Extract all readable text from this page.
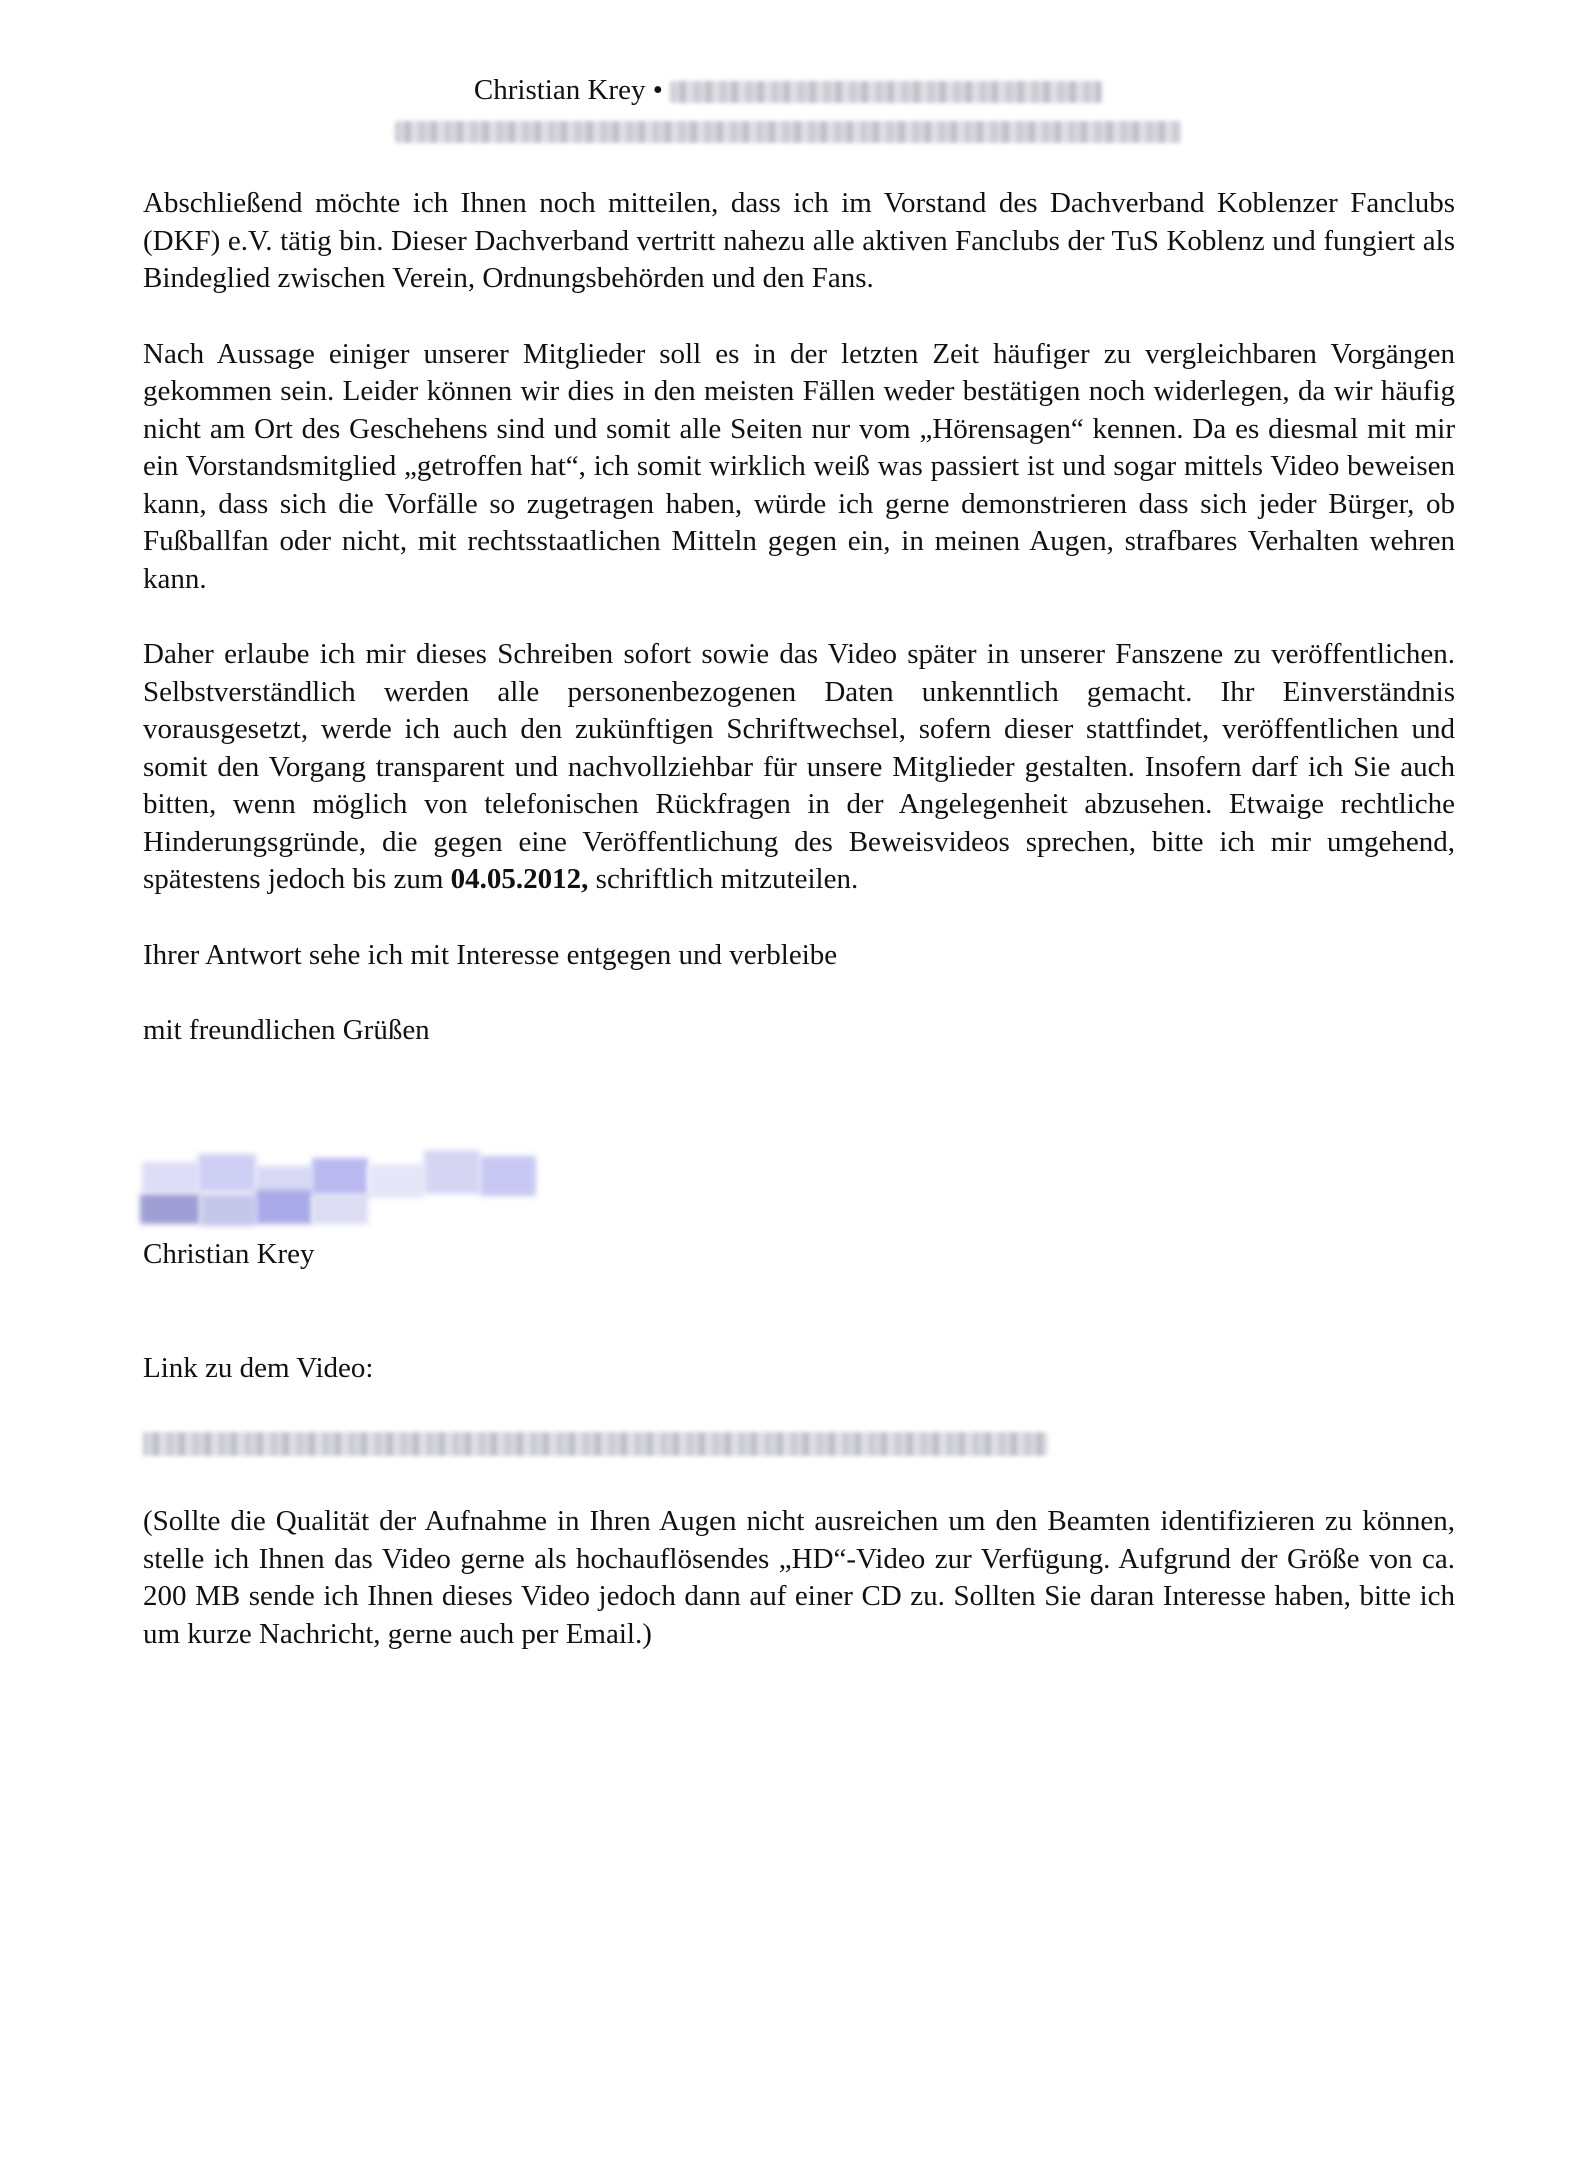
Christian Krey •

Abschließend möchte ich Ihnen noch mitteilen, dass ich im Vorstand des Dachverband Koblenzer Fanclubs (DKF) e.V. tätig bin. Dieser Dachverband vertritt nahezu alle aktiven Fanclubs der TuS Koblenz und fungiert als Bindeglied zwischen Verein, Ordnungsbehörden und den Fans.

Nach Aussage einiger unserer Mitglieder soll es in der letzten Zeit häufiger zu vergleichbaren Vorgängen gekommen sein. Leider können wir dies in den meisten Fällen weder bestätigen noch widerlegen, da wir häufig nicht am Ort des Geschehens sind und somit alle Seiten nur vom „Hörensagen“ kennen. Da es diesmal mit mir ein Vorstandsmitglied „getroffen hat“, ich somit wirklich weiß was passiert ist und sogar mittels Video beweisen kann, dass sich die Vorfälle so zugetragen haben, würde ich gerne demonstrieren dass sich jeder Bürger, ob Fußballfan oder nicht, mit rechtsstaatlichen Mitteln gegen ein, in meinen Augen, strafbares Verhalten wehren kann.

Daher erlaube ich mir dieses Schreiben sofort sowie das Video später in unserer Fanszene zu veröffentlichen. Selbstverständlich werden alle personenbezogenen Daten unkenntlich gemacht. Ihr Einverständnis vorausgesetzt, werde ich auch den zukünftigen Schriftwechsel, sofern dieser stattfindet, veröffentlichen und somit den Vorgang transparent und nachvollziehbar für unsere Mitglieder gestalten. Insofern darf ich Sie auch bitten, wenn möglich von telefonischen Rückfragen in der Angelegenheit abzusehen. Etwaige rechtliche Hinderungsgründe, die gegen eine Veröffentlichung des Beweisvideos sprechen, bitte ich mir umgehend, spätestens jedoch bis zum 04.05.2012, schriftlich mitzuteilen.

Ihrer Antwort sehe ich mit Interesse entgegen und verbleibe

mit freundlichen Grüßen

Christian Krey
Link zu dem Video:
(Sollte die Qualität der Aufnahme in Ihren Augen nicht ausreichen um den Beamten identifizieren zu können, stelle ich Ihnen das Video gerne als hochauflösendes „HD“-Video zur Verfügung. Aufgrund der Größe von ca. 200 MB sende ich Ihnen dieses Video jedoch dann auf einer CD zu. Sollten Sie daran Interesse haben, bitte ich um kurze Nachricht, gerne auch per Email.)
